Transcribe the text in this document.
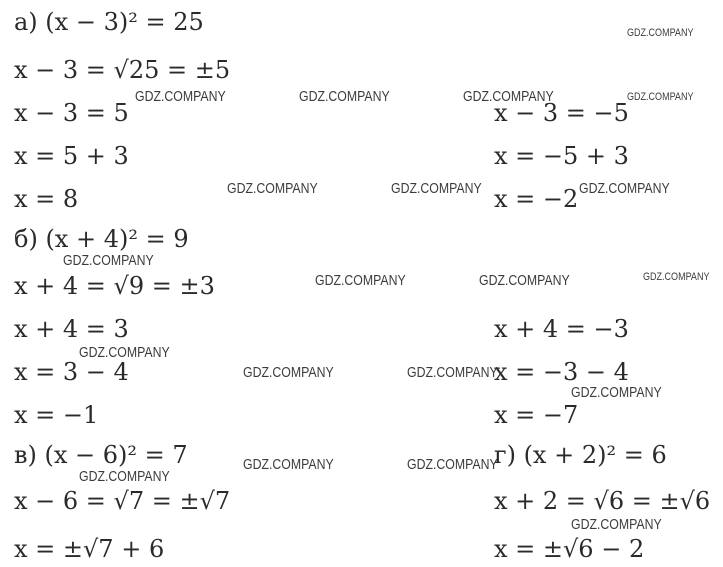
а) (x − 3)² = 25
x − 3 = √25 = ±5
x − 3 = 5
x = 5 + 3
x = 8
x − 3 = −5
x = −5 + 3
x = −2
б) (x + 4)² = 9
x + 4 = √9 = ±3
x + 4 = 3
x = 3 − 4
x = −1
x + 4 = −3
x = −3 − 4
x = −7
в) (x − 6)² = 7
x − 6 = √7 = ±√7
x = ±√7 + 6
г) (x + 2)² = 6
x + 2 = √6 = ±√6
x = ±√6 − 2
GDZ.COMPANY
GDZ.COMPANY	GDZ.COMPANY	GDZ.COMPANY	GDZ.COMPANY
GDZ.COMPANY	GDZ.COMPANY	GDZ.COMPANY
GDZ.COMPANY
GDZ.COMPANY	GDZ.COMPANY	GDZ.COMPANY
GDZ.COMPANY
GDZ.COMPANY	GDZ.COMPANY
GDZ.COMPANY
GDZ.COMPANY	GDZ.COMPANY
GDZ.COMPANY
GDZ.COMPANY
